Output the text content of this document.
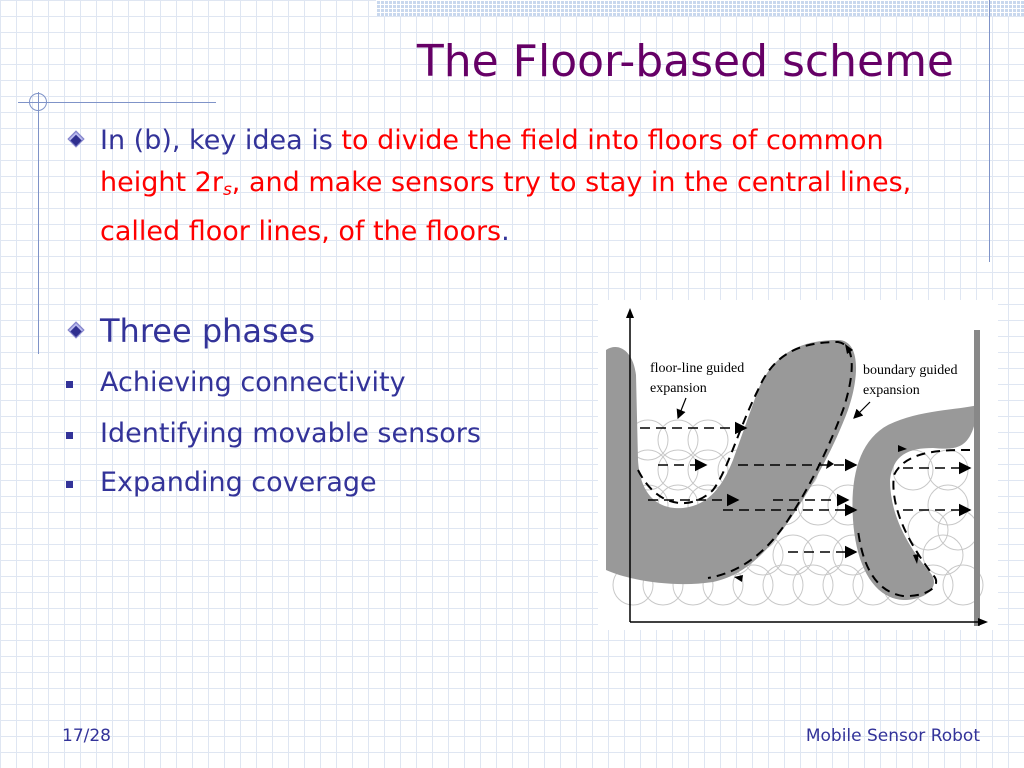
The Floor-based scheme
In (b), key idea is to divide the field into floors of common height 2rs, and make sensors try to stay in the central lines, called floor lines, of the floors.
Three phases
Achieving connectivity
Identifying movable sensors
Expanding coverage
floor-line guided expansion
boundary guided expansion
17/28	Mobile Sensor Robot
